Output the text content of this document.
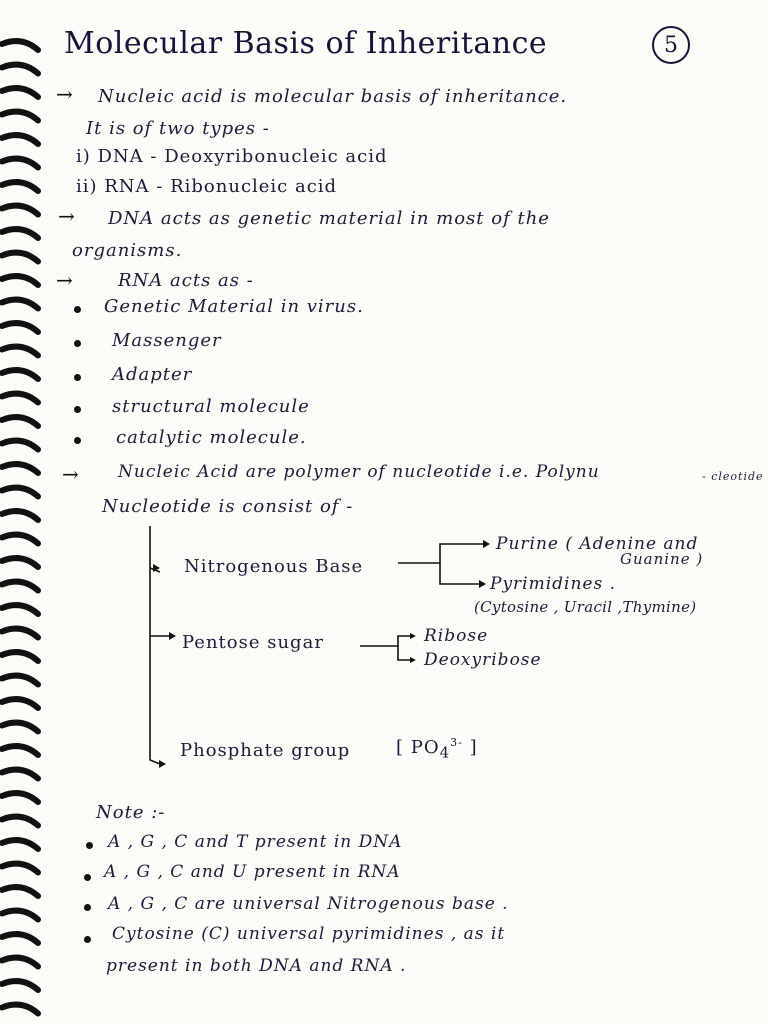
Molecular Basis of Inheritance	5
→ Nucleic acid is molecular basis of inheritance.
It is of two types -
i) DNA - Deoxyribonucleic acid
ii) RNA - Ribonucleic acid
→ DNA acts as genetic material in most of the
organisms.
→	RNA acts as -
Genetic Material in virus.
Massenger
Adapter
structural molecule
catalytic molecule.
→ Nucleic Acid are polymer of nucleotide i.e. Polynu	- cleotide
Nucleotide is consist of -
Nitrogenous Base
Purine ( Adenine and
Guanine )
Pyrimidines .
(Cytosine , Uracil ,Thymine)
Pentose sugar	Ribose
Deoxyribose
Phosphate group	[ $PO_4^{3-}$ ]
Note :-
A , G , C and T present in DNA
A , G , C and U present in RNA
A , G , C are universal Nitrogenous base .
Cytosine (C) universal pyrimidines , as it
present in both DNA and RNA .
